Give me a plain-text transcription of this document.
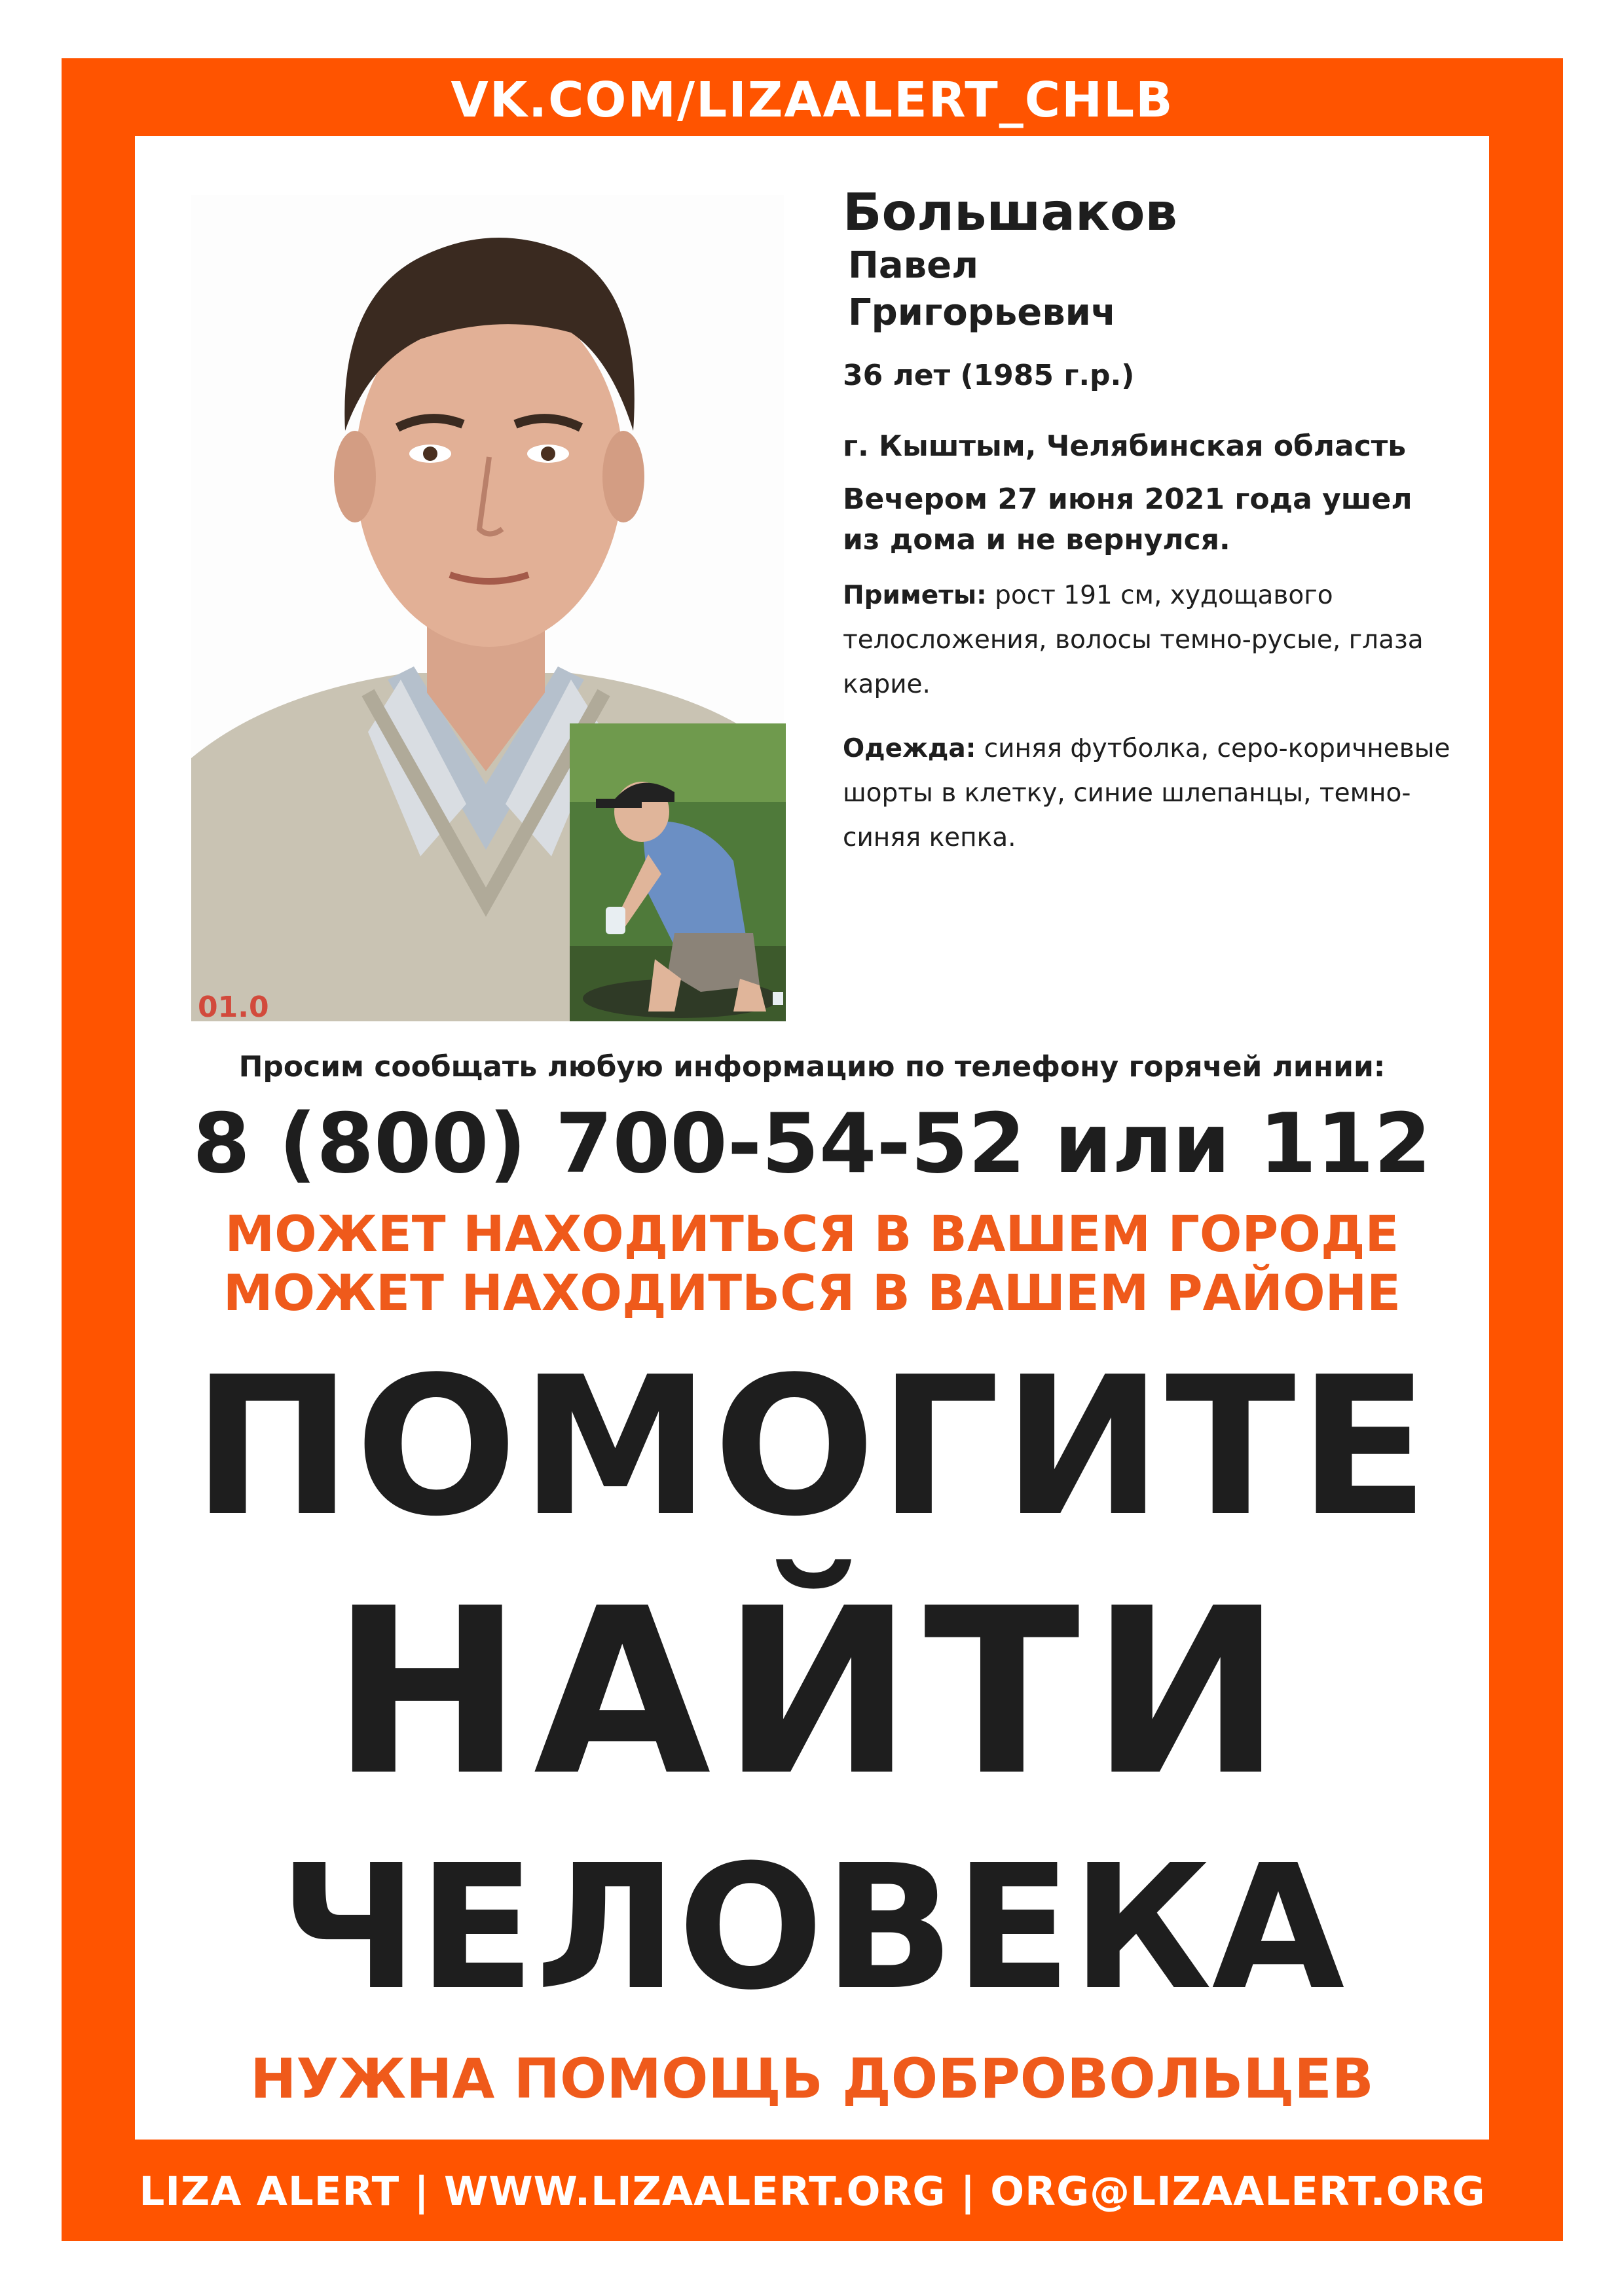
VK.COM/LIZAALERT_CHLB
01.0

Большаков

Павел

Григорьевич

36 лет (1985 г.р.)
г. Кыштым, Челябинская область
Вечером 27 июня 2021 года ушел из дома и не вернулся.
Приметы: рост 191 см, худощавого телосложения, волосы темно-русые, глаза карие.
Одежда: синяя футболка, серо-коричневые шорты в клетку, синие шлепанцы, темно-синяя кепка.
Просим сообщать любую информацию по телефону горячей линии:
8 (800) 700-54-52 или 112
МОЖЕТ НАХОДИТЬСЯ В ВАШЕМ ГОРОДЕ
МОЖЕТ НАХОДИТЬСЯ В ВАШЕМ РАЙОНЕ
ПОМОГИТЕ
НАЙТИ
ЧЕЛОВЕКА
НУЖНА ПОМОЩЬ ДОБРОВОЛЬЦЕВ
LIZA ALERT | WWW.LIZAALERT.ORG | ORG@LIZAALERT.ORG
